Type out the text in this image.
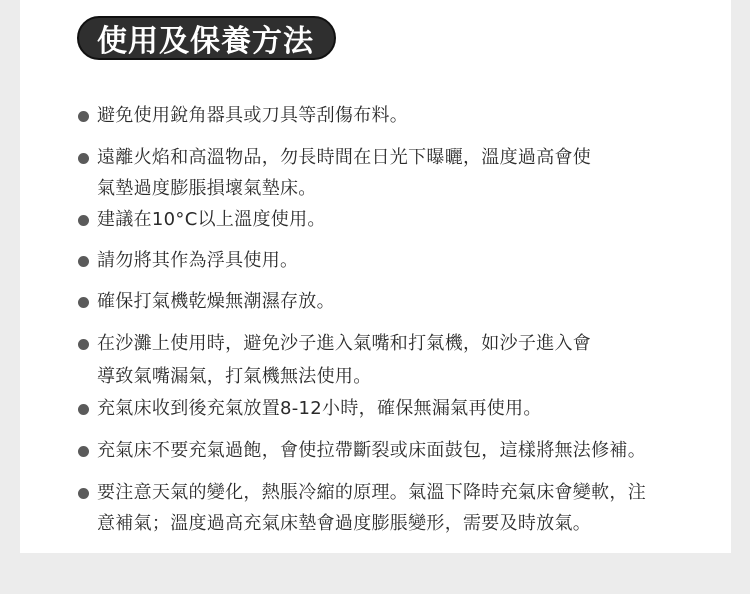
使用及保養方法
避免使用銳角器具或刀具等刮傷布料。
遠離火焰和高溫物品，勿長時間在日光下曝曬，溫度過高會使
氣墊過度膨脹損壞氣墊床。
建議在10°C以上溫度使用。
請勿將其作為浮具使用。
確保打氣機乾燥無潮濕存放。
在沙灘上使用時，避免沙子進入氣嘴和打氣機，如沙子進入會
導致氣嘴漏氣，打氣機無法使用。
充氣床收到後充氣放置8-12小時，確保無漏氣再使用。
充氣床不要充氣過飽，會使拉帶斷裂或床面鼓包，這樣將無法修補。
要注意天氣的變化，熱脹冷縮的原理。氣溫下降時充氣床會變軟，注
意補氣；溫度過高充氣床墊會過度膨脹變形，需要及時放氣。
